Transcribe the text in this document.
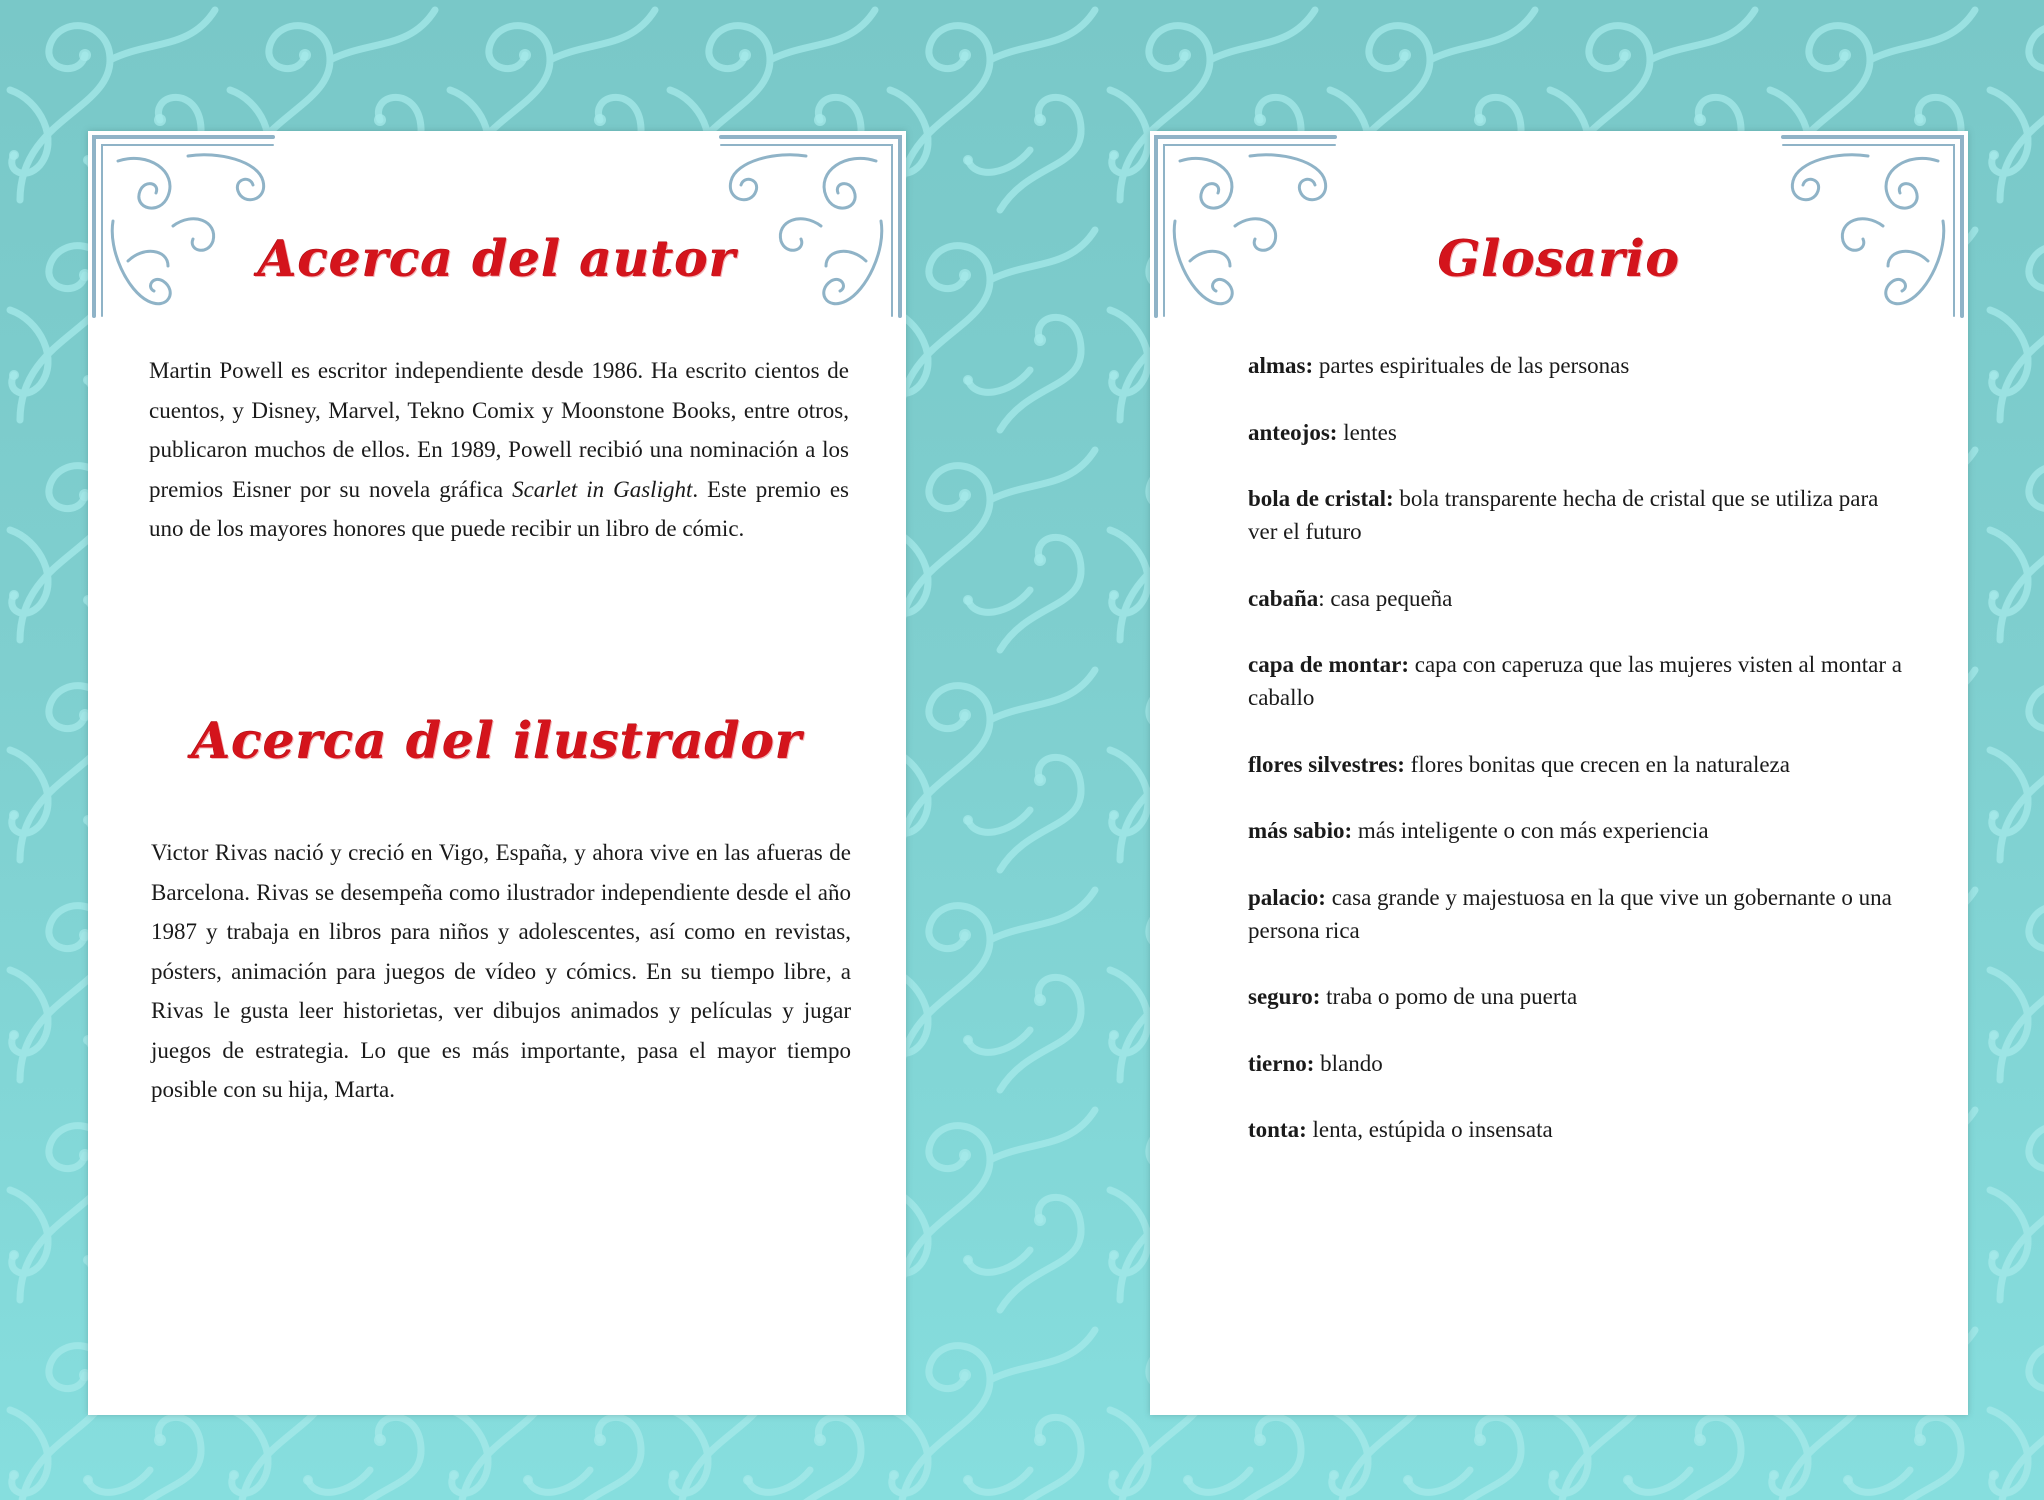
Acerca del autor

Martin Powell es escritor independiente desde 1986. Ha escrito cientos de cuentos, y Disney, Marvel, Tekno Comix y Moonstone Books, entre otros, publicaron muchos de ellos. En 1989, Powell recibió una nominación a los premios Eisner por su novela gráfica Scarlet in Gaslight. Este premio es uno de los mayores honores que puede recibir un libro de cómic.

Acerca del ilustrador

Victor Rivas nació y creció en Vigo, España, y ahora vive en las afueras de Barcelona. Rivas se desempeña como ilustrador independiente desde el año 1987 y trabaja en libros para niños y adolescentes, así como en revistas, pósters, animación para juegos de vídeo y cómics. En su tiempo libre, a Rivas le gusta leer historietas, ver dibujos animados y películas y jugar juegos de estrategia. Lo que es más importante, pasa el mayor tiempo posible con su hija, Marta.

Glosario
almas: partes espirituales de las personas
anteojos: lentes
bola de cristal: bola transparente hecha de cristal que se utiliza para ver el futuro
cabaña: casa pequeña
capa de montar: capa con caperuza que las mujeres visten al montar a caballo
flores silvestres: flores bonitas que crecen en la naturaleza
más sabio: más inteligente o con más experiencia
palacio: casa grande y majestuosa en la que vive un gobernante o una persona rica
seguro: traba o pomo de una puerta
tierno: blando
tonta: lenta, estúpida o insensata
